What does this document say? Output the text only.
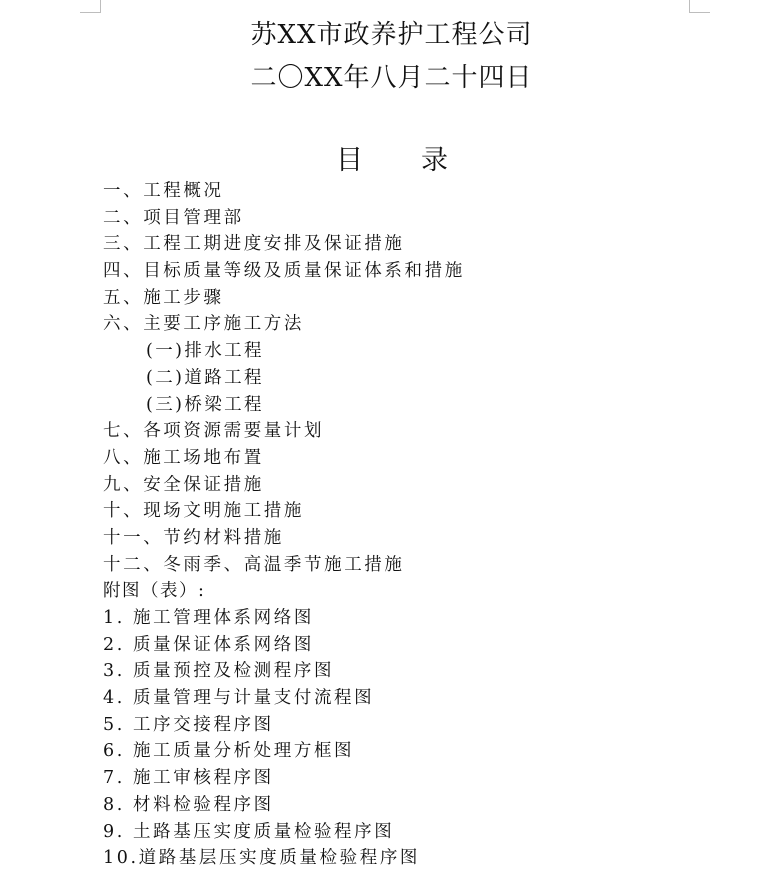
苏XX市政养护工程公司
二〇XX年八月二十四日
目 录
一、工程概况
二、项目管理部
三、工程工期进度安排及保证措施
四、目标质量等级及质量保证体系和措施
五、施工步骤
六、主要工序施工方法
(一)排水工程
(二)道路工程
(三)桥梁工程
七、各项资源需要量计划
八、施工场地布置
九、安全保证措施
十、现场文明施工措施
十一、节约材料措施
十二、冬雨季、高温季节施工措施
附图（表）:
1. 施工管理体系网络图
2. 质量保证体系网络图
3. 质量预控及检测程序图
4. 质量管理与计量支付流程图
5. 工序交接程序图
6. 施工质量分析处理方框图
7. 施工审核程序图
8. 材料检验程序图
9. 土路基压实度质量检验程序图
10.道路基层压实度质量检验程序图
